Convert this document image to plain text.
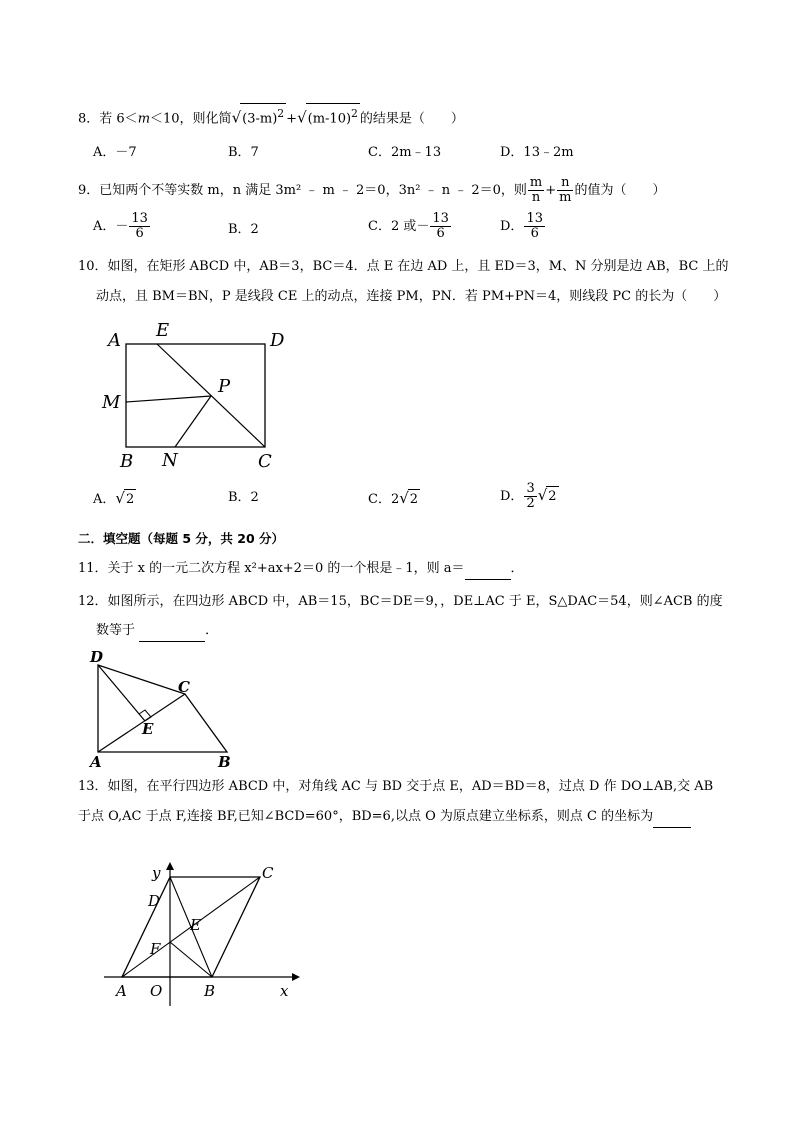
8．若 6＜m＜10，则化简$√(3-m)^2 +√(m-10)^2$ 的结果是（　　）
A．－7	B．7	C．2m﹣13	D．13﹣2m
9．已知两个不等实数 m，n 满足 3m² ﹣ m ﹣ 2＝0，3n² ﹣ n ﹣ 2＝0，则 $\frac{m}{n} + \frac{n}{m}$ 的值为（　　）
A．－ $\frac{13}{6}$	B．2	C．2 或－ $\frac{13}{6}$	D． $\frac{13}{6}$
10．如图，在矩形 ABCD 中，AB＝3，BC＝4．点 E 在边 AD 上，且 ED＝3，M、N 分别是边 AB，BC 上的
动点，且 BM＝BN，P 是线段 CE 上的动点，连接 PM，PN．若 PM+PN＝4，则线段 PC 的长为（　　）
A E	D
P
M
B N	C
A．√2	B．2	C．2√2	D． $\frac{3}{2} √2$
二．填空题（每题 5 分，共 20 分）
11．关于 x 的一元二次方程 x²+ax+2＝0 的一个根是﹣1，则 a＝	．
12．如图所示，在四边形 ABCD 中，AB＝15，BC＝DE＝9，，DE⊥AC 于 E，S△DAC＝54，则∠ACB 的度
数等于	．
D
C
E
A	B
13．如图，在平行四边形 ABCD 中，对角线 AC 与 BD 交于点 E，AD＝BD＝8，过点 D 作 DO⊥AB,交 AB
于点 O,AC 于点 F,连接 BF,已知∠BCD=60°，BD=6,以点 O 为原点建立坐标系，则点 C 的坐标为
y
x
D
C
E
F
A O	B
